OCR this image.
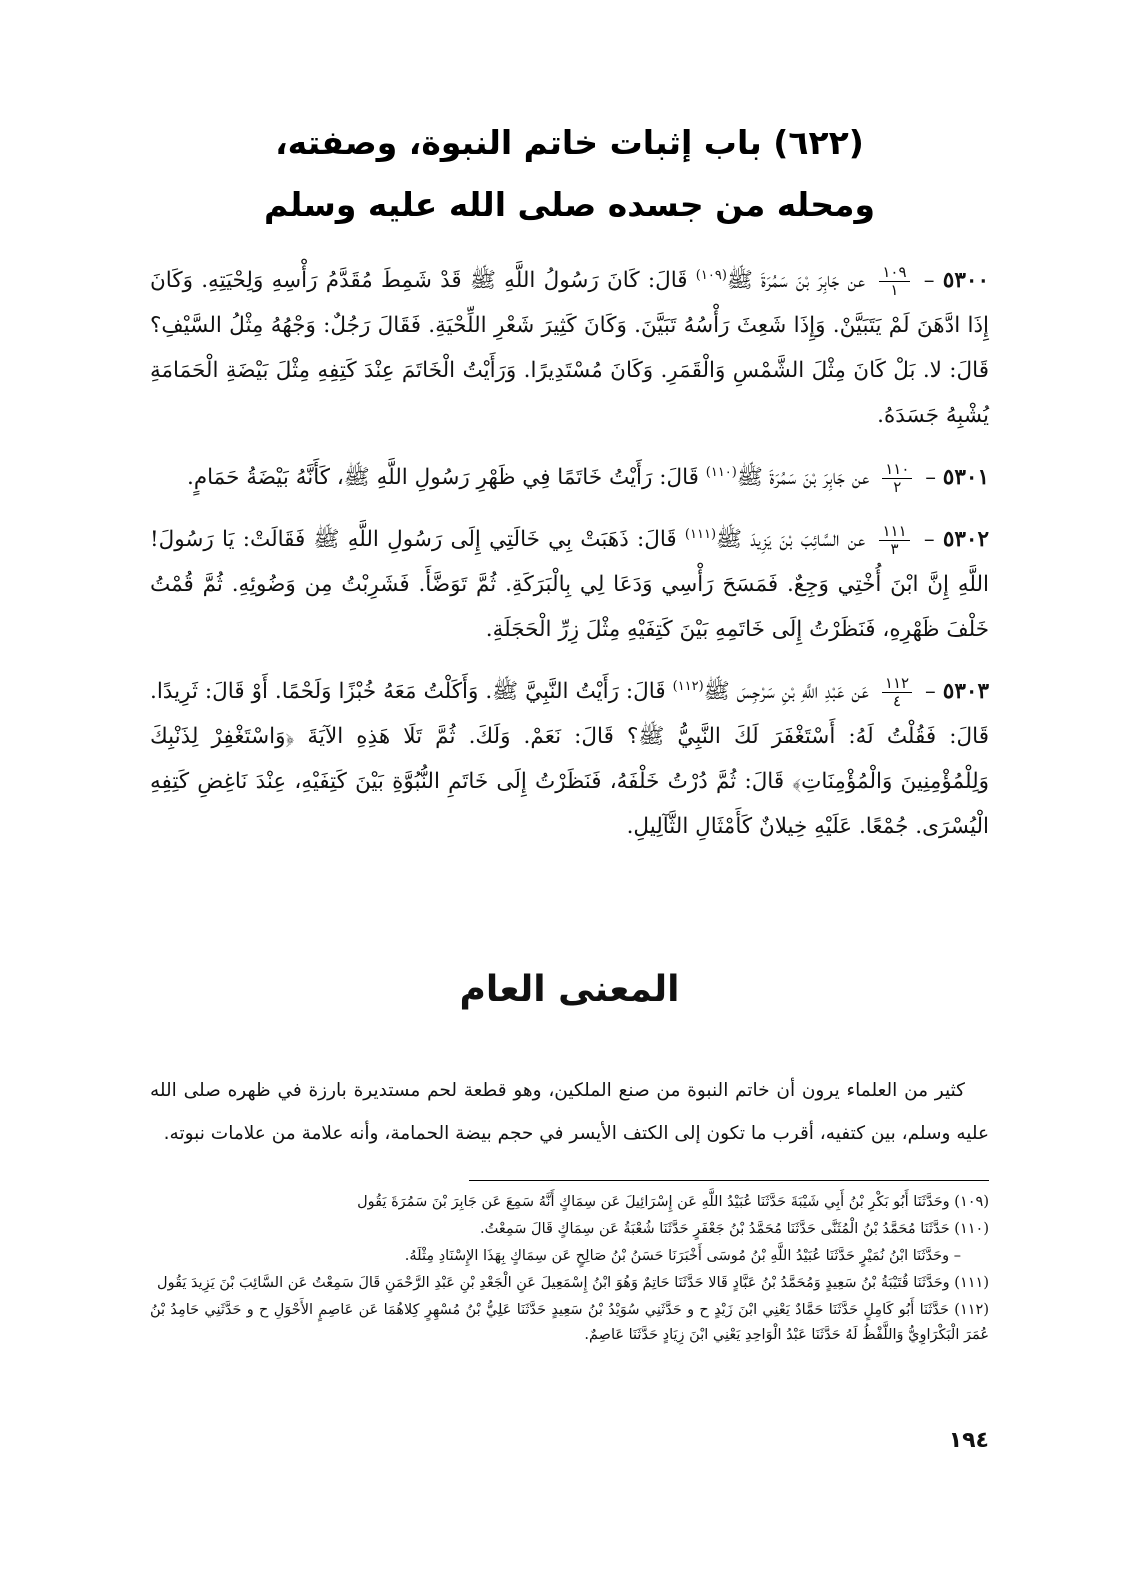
(٦٢٢) باب إثبات خاتم النبوة، وصفته،
ومحله من جسده صلى الله عليه وسلم

٥٣٠٠ –
$\frac{١٠٩}{١}$
عن جَابِرَ بْنَ سَمُرَةَ ﷺ$^{(١٠٩)}$ قَالَ: كَانَ رَسُولُ اللَّهِ ﷺ قَدْ شَمِطَ مُقَدَّمُ رَأْسِهِ وَلِحْيَتِهِ. وَكَانَ إِذَا ادَّهَنَ لَمْ يَتَبَيَّنْ. وَإِذَا شَعِثَ رَأْسُهُ تَبَيَّنَ. وَكَانَ كَثِيرَ شَعْرِ اللِّحْيَةِ. فَقَالَ رَجُلٌ: وَجْهُهُ مِثْلُ السَّيْفِ؟ قَالَ: لا. بَلْ كَانَ مِثْلَ الشَّمْسِ وَالْقَمَرِ. وَكَانَ مُسْتَدِيرًا. وَرَأَيْتُ الْخَاتَمَ عِنْدَ كَتِفِهِ مِثْلَ بَيْضَةِ الْحَمَامَةِ يُشْبِهُ جَسَدَهُ.

٥٣٠١ –
$\frac{١١٠}{٢}$
عن جَابِرَ بْنَ سَمُرَةَ ﷺ$^{(١١٠)}$ قَالَ: رَأَيْتُ خَاتَمًا فِي ظَهْرِ رَسُولِ اللَّهِ ﷺ، كَأَنَّهُ بَيْضَةُ حَمَامٍ.

٥٣٠٢ –
$\frac{١١١}{٣}$
عن السَّائِبَ بْنَ يَزِيدَ ﷺ$^{(١١١)}$ قَالَ: ذَهَبَتْ بِي خَالَتِي إِلَى رَسُولِ اللَّهِ ﷺ فَقَالَتْ: يَا رَسُولَ! اللَّهِ إِنَّ ابْنَ أُخْتِي وَجِعٌ. فَمَسَحَ رَأْسِي وَدَعَا لِي بِالْبَرَكَةِ. ثُمَّ تَوَضَّأَ. فَشَرِبْتُ مِن وَضُوئِهِ. ثُمَّ قُمْتُ خَلْفَ ظَهْرِهِ، فَنَظَرْتُ إِلَى خَاتَمِهِ بَيْنَ كَتِفَيْهِ مِثْلَ زِرِّ الْحَجَلَةِ.

٥٣٠٣ –
$\frac{١١٢}{٤}$
عَن عَبْدِ اللَّهِ بْنِ سَرْجِسَ ﷺ$^{(١١٢)}$ قَالَ: رَأَيْتُ النَّبِيَّ ﷺ. وَأَكَلْتُ مَعَهُ خُبْزًا وَلَحْمًا. أَوْ قَالَ: ثَرِيدًا. قَالَ: فَقُلْتُ لَهُ: أَسْتَغْفَرَ لَكَ النَّبِيُّ ﷺ؟ قَالَ: نَعَمْ. وَلَكَ. ثُمَّ تَلَا هَذِهِ الآيَةَ ﴿وَاسْتَغْفِرْ لِذَنْبِكَ وَلِلْمُؤْمِنِينَ وَالْمُؤْمِنَاتِ﴾ قَالَ: ثُمَّ دُرْتُ خَلْفَهُ، فَنَظَرْتُ إِلَى خَاتَمِ النُّبُوَّةِ بَيْنَ كَتِفَيْهِ، عِنْدَ نَاغِضِ كَتِفِهِ الْيُسْرَى. جُمْعًا. عَلَيْهِ خِيلانٌ كَأَمْثَالِ الثَّآلِيلِ.

المعنى العام

كثير من العلماء يرون أن خاتم النبوة من صنع الملكين، وهو قطعة لحم مستديرة بارزة في ظهره صلى الله عليه وسلم، بين كتفيه، أقرب ما تكون إلى الكتف الأيسر في حجم بيضة الحمامة، وأنه علامة من علامات نبوته.

(١٠٩) وحَدَّثَنَا أَبُو بَكْرِ بْنُ أَبِي شَيْبَةَ حَدَّثَنَا عُبَيْدُ اللَّهِ عَن إِسْرَائِيلَ عَن سِمَاكٍ أَنَّهُ سَمِعَ عَن جَابِرَ بْنَ سَمُرَةَ يَقُول

(١١٠) حَدَّثَنَا مُحَمَّدُ بْنُ الْمُثَنَّى حَدَّثَنَا مُحَمَّدُ بْنُ جَعْفَرٍ حَدَّثَنَا شُعْبَةُ عَن سِمَاكٍ قَالَ سَمِعْتُ.

– وحَدَّثَنَا ابْنُ نُمَيْرٍ حَدَّثَنَا عُبَيْدُ اللَّهِ بْنُ مُوسَى أَخْبَرَنَا حَسَنُ بْنُ صَالِحٍ عَن سِمَاكٍ بِهَذَا الإِسْنَادِ مِثْلَهُ.

(١١١) وحَدَّثَنَا قُتَيْبَةُ بْنُ سَعِيدٍ وَمُحَمَّدُ بْنُ عَبَّادٍ قَالا حَدَّثَنَا حَاتِمٌ وَهُوَ ابْنُ إِسْمَعِيلَ عَنِ الْجَعْدِ بْنِ عَبْدِ الرَّحْمَنِ قَالَ سَمِعْتُ عَن السَّائِبَ بْنَ يَزِيدَ يَقُول

(١١٢) حَدَّثَنَا أَبُو كَامِلٍ حَدَّثَنَا حَمَّادٌ يَعْنِي ابْنَ زَيْدٍ ح و حَدَّثَنِي سُوَيْدُ بْنُ سَعِيدٍ حَدَّثَنَا عَلِيُّ بْنُ مُسْهِرٍ كِلاهُمَا عَن عَاصِمٍ الأَحْوَلِ ح و حَدَّثَنِي حَامِدُ بْنُ عُمَرَ الْبَكْرَاوِيُّ وَاللَّفْظُ لَهُ حَدَّثَنَا عَبْدُ الْوَاحِدِ يَعْنِي ابْنَ زِيَادٍ حَدَّثَنَا عَاصِمٌ.

١٩٤
